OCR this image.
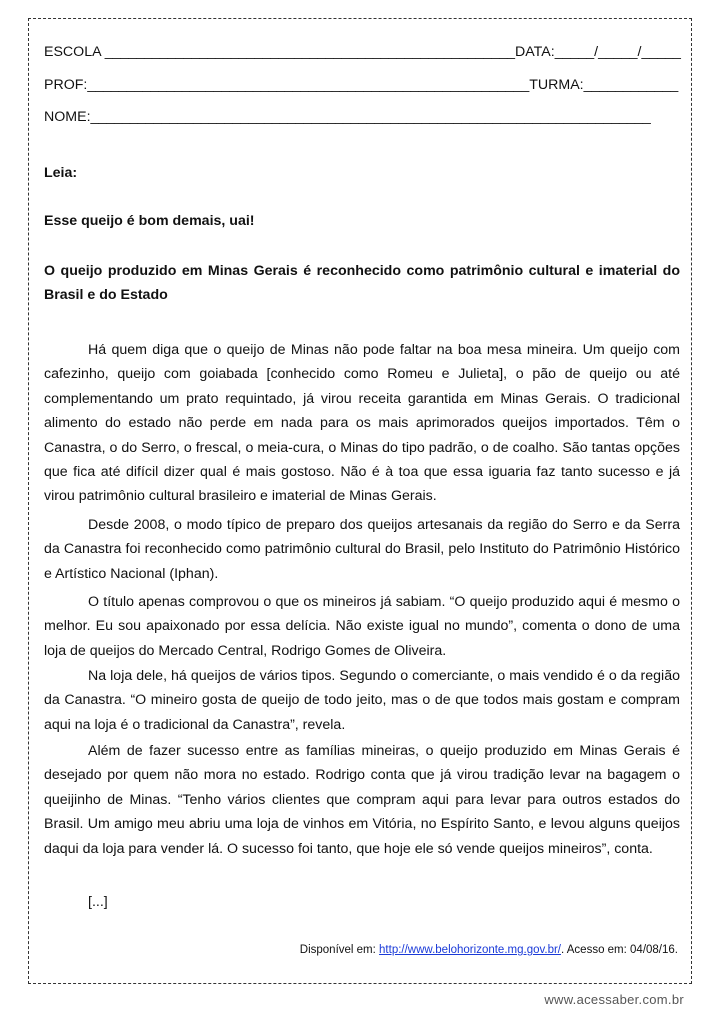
ESCOLA ____________________________________________________DATA:_____/_____/_____
PROF:________________________________________________________TURMA:____________
NOME:_______________________________________________________________________
Leia:
Esse queijo é bom demais, uai!
O queijo produzido em Minas Gerais é reconhecido como patrimônio cultural e imaterial do Brasil e do Estado
Há quem diga que o queijo de Minas não pode faltar na boa mesa mineira. Um queijo com cafezinho, queijo com goiabada [conhecido como Romeu e Julieta], o pão de queijo ou até complementando um prato requintado, já virou receita garantida em Minas Gerais. O tradicional alimento do estado não perde em nada para os mais aprimorados queijos importados. Têm o Canastra, o do Serro, o frescal, o meia-cura, o Minas do tipo padrão, o de coalho. São tantas opções que fica até difícil dizer qual é mais gostoso. Não é à toa que essa iguaria faz tanto sucesso e já virou patrimônio cultural brasileiro e imaterial de Minas Gerais.
Desde 2008, o modo típico de preparo dos queijos artesanais da região do Serro e da Serra da Canastra foi reconhecido como patrimônio cultural do Brasil, pelo Instituto do Patrimônio Histórico e Artístico Nacional (Iphan).
O título apenas comprovou o que os mineiros já sabiam. “O queijo produzido aqui é mesmo o melhor. Eu sou apaixonado por essa delícia. Não existe igual no mundo”, comenta o dono de uma loja de queijos do Mercado Central, Rodrigo Gomes de Oliveira.
Na loja dele, há queijos de vários tipos. Segundo o comerciante, o mais vendido é o da região da Canastra. “O mineiro gosta de queijo de todo jeito, mas o de que todos mais gostam e compram aqui na loja é o tradicional da Canastra”, revela.
Além de fazer sucesso entre as famílias mineiras, o queijo produzido em Minas Gerais é desejado por quem não mora no estado. Rodrigo conta que já virou tradição levar na bagagem o queijinho de Minas. “Tenho vários clientes que compram aqui para levar para outros estados do Brasil. Um amigo meu abriu uma loja de vinhos em Vitória, no Espírito Santo, e levou alguns queijos daqui da loja para vender lá. O sucesso foi tanto, que hoje ele só vende queijos mineiros”, conta.
[...]
Disponível em: http://www.belohorizonte.mg.gov.br/. Acesso em: 04/08/16.
www.acessaber.com.br
